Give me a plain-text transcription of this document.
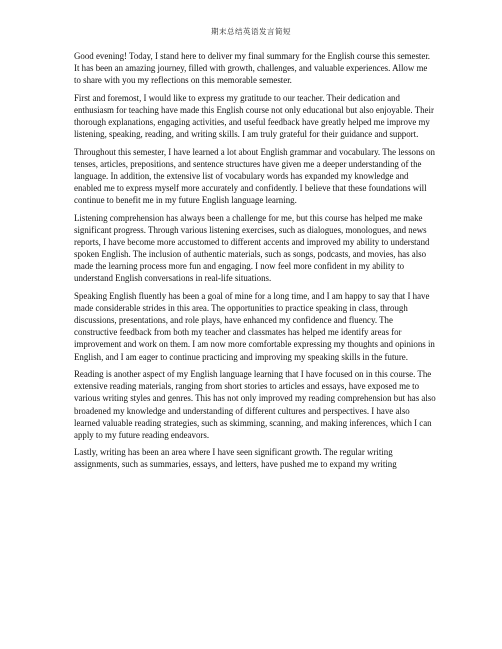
期末总结英语发言简短

Good evening! Today, I stand here to deliver my final summary for the English course this semester. It has been an amazing journey, filled with growth, challenges, and valuable experiences. Allow me to share with you my reflections on this memorable semester.

First and foremost, I would like to express my gratitude to our teacher. Their dedication and enthusiasm for teaching have made this English course not only educational but also enjoyable. Their thorough explanations, engaging activities, and useful feedback have greatly helped me improve my listening, speaking, reading, and writing skills. I am truly grateful for their guidance and support.

Throughout this semester, I have learned a lot about English grammar and vocabulary. The lessons on tenses, articles, prepositions, and sentence structures have given me a deeper understanding of the language. In addition, the extensive list of vocabulary words has expanded my knowledge and enabled me to express myself more accurately and confidently. I believe that these foundations will continue to benefit me in my future English language learning.

Listening comprehension has always been a challenge for me, but this course has helped me make significant progress. Through various listening exercises, such as dialogues, monologues, and news reports, I have become more accustomed to different accents and improved my ability to understand spoken English. The inclusion of authentic materials, such as songs, podcasts, and movies, has also made the learning process more fun and engaging. I now feel more confident in my ability to understand English conversations in real-life situations.

Speaking English fluently has been a goal of mine for a long time, and I am happy to say that I have made considerable strides in this area. The opportunities to practice speaking in class, through discussions, presentations, and role plays, have enhanced my confidence and fluency. The constructive feedback from both my teacher and classmates has helped me identify areas for improvement and work on them. I am now more comfortable expressing my thoughts and opinions in English, and I am eager to continue practicing and improving my speaking skills in the future.

Reading is another aspect of my English language learning that I have focused on in this course. The extensive reading materials, ranging from short stories to articles and essays, have exposed me to various writing styles and genres. This has not only improved my reading comprehension but has also broadened my knowledge and understanding of different cultures and perspectives. I have also learned valuable reading strategies, such as skimming, scanning, and making inferences, which I can apply to my future reading endeavors.

Lastly, writing has been an area where I have seen significant growth. The regular writing assignments, such as summaries, essays, and letters, have pushed me to expand my writing
